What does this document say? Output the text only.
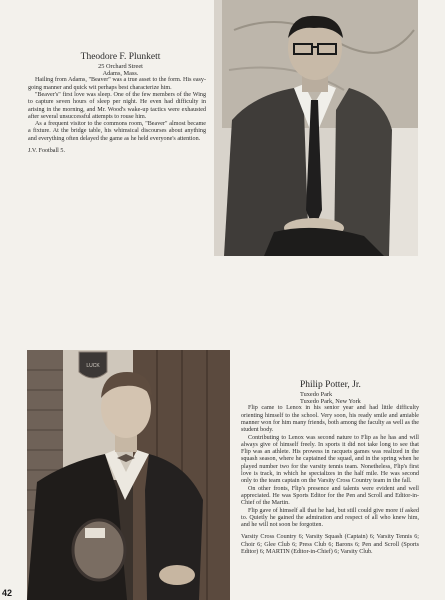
Theodore F. Plunkett

25 Orchard Street

Adams, Mass.

Hailing from Adams, "Beaver" was a true asset to the form. His easy-going manner and quick wit perhaps best characterize him.

"Beaver's" first love was sleep. One of the few members of the Wing to capture seven hours of sleep per night. He even had difficulty in arising in the morning, and Mr. Wood's wake-up tactics were exhausted after several unsuccessful attempts to rouse him.

As a frequent visitor to the commons room, "Beaver" almost became a fixture. At the bridge table, his whimsical discourses about anything and everything often delayed the game as he held everyone's attention.

J.V. Football 5.

LUCK

Philip Potter, Jr.

Tuxedo Park

Tuxedo Park, New York

Flip came to Lenox in his senior year and had little difficulty orienting himself to the school. Very soon, his ready smile and amiable manner won for him many friends, both among the faculty as well as the student body.

Contributing to Lenox was second nature to Flip as he has and will always give of himself freely. In sports it did not take long to see that Flip was an athlete. His prowess in racquets games was realized in the squash season, where he captained the squad, and in the spring when he played number two for the varsity tennis team. Nonetheless, Flip's first love is track, in which he specializes in the half mile. He was second only to the team captain on the Varsity Cross Country team in the fall.

On other fronts, Flip's presence and talents were evident and well appreciated. He was Sports Editor for the Pen and Scroll and Editor-in-Chief of the Martin.

Flip gave of himself all that he had, but still could give more if asked to. Quietly he gained the admiration and respect of all who knew him, and he will not soon be forgotten.

Varsity Cross Country 6; Varsity Squash (Captain) 6; Varsity Tennis 6; Choir 6; Glee Club 6; Press Club 6; Barons 6; Pen and Scroll (Sports Editor) 6; MARTIN (Editor-in-Chief) 6; Varsity Club.

42
